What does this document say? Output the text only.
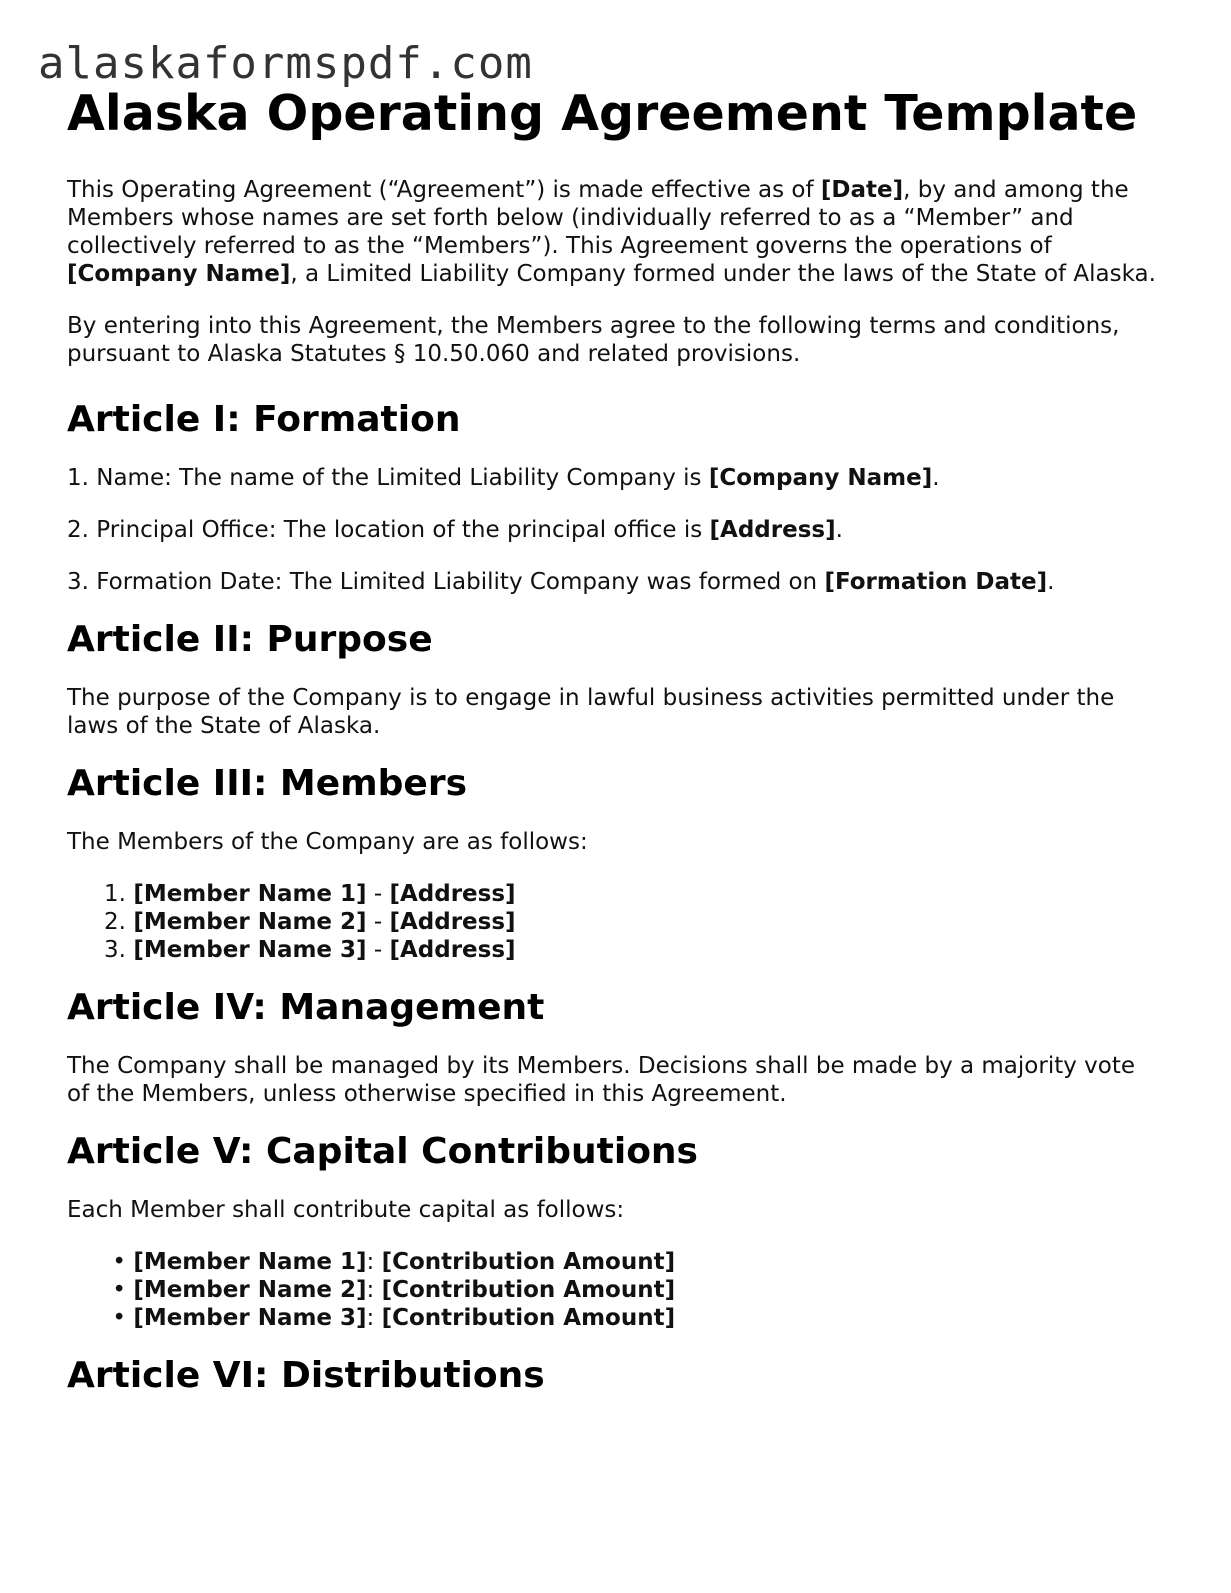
alaskaformspdf.com
Alaska Operating Agreement Template

This Operating Agreement (“Agreement”) is made effective as of [Date], by and among the Members whose names are set forth below (individually referred to as a “Member” and collectively referred to as the “Members”). This Agreement governs the operations of [Company Name], a Limited Liability Company formed under the laws of the State of Alaska.

By entering into this Agreement, the Members agree to the following terms and conditions, pursuant to Alaska Statutes § 10.50.060 and related provisions.

Article I: Formation

1. Name: The name of the Limited Liability Company is [Company Name].

2. Principal Office: The location of the principal office is [Address].

3. Formation Date: The Limited Liability Company was formed on [Formation Date].

Article II: Purpose

The purpose of the Company is to engage in lawful business activities permitted under the laws of the State of Alaska.

Article III: Members

The Members of the Company are as follows:

1. [Member Name 1] - [Address]
2. [Member Name 2] - [Address]
3. [Member Name 3] - [Address]
Article IV: Management

The Company shall be managed by its Members. Decisions shall be made by a majority vote of the Members, unless otherwise specified in this Agreement.

Article V: Capital Contributions

Each Member shall contribute capital as follows:

• [Member Name 1]: [Contribution Amount]
• [Member Name 2]: [Contribution Amount]
• [Member Name 3]: [Contribution Amount]
Article VI: Distributions
